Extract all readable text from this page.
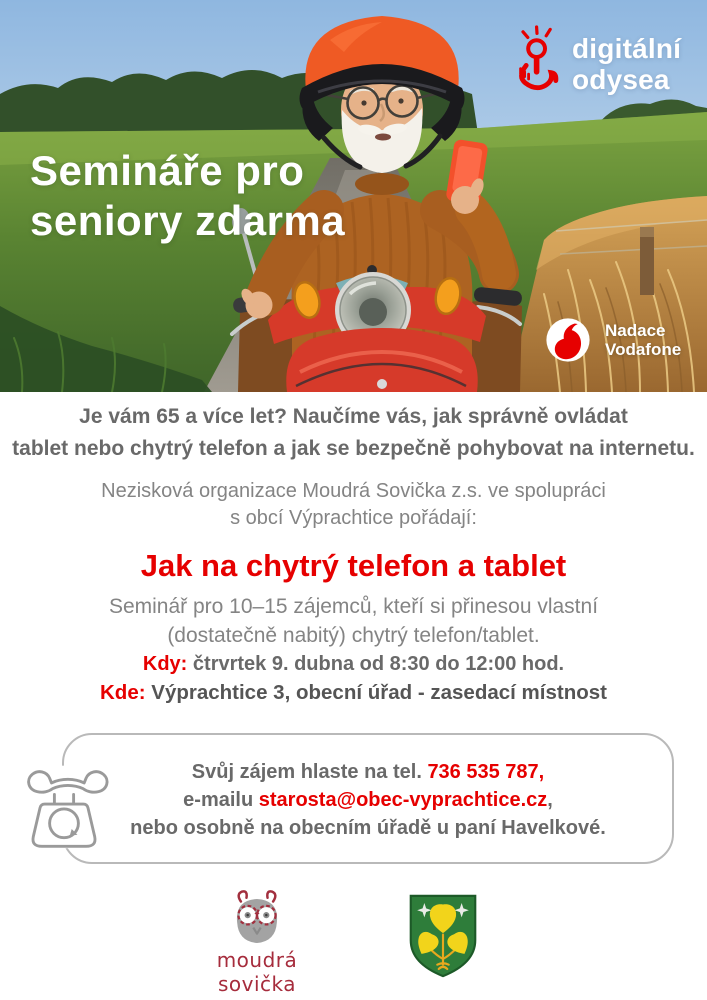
Semináře pro
seniory zdarma
digitální
odysea
Nadace
Vodafone
Je vám 65 a více let? Naučíme vás, jak správně ovládat
tablet nebo chytrý telefon a jak se bezpečně pohybovat na internetu.
Nezisková organizace Moudrá Sovička z.s. ve spolupráci
s obcí Výprachtice pořádají:
Jak na chytrý telefon a tablet
Seminář pro 10–15 zájemců, kteří si přinesou vlastní
(dostatečně nabitý) chytrý telefon/tablet.
Kdy: čtrvrtek 9. dubna od 8:30 do 12:00 hod.
Kde: Výprachtice 3, obecní úřad - zasedací místnost
Svůj zájem hlaste na tel. 736 535 787,
e-mailu starosta@obec-vyprachtice.cz,
nebo osobně na obecním úřadě u paní Havelkové.
moudrá
sovička
